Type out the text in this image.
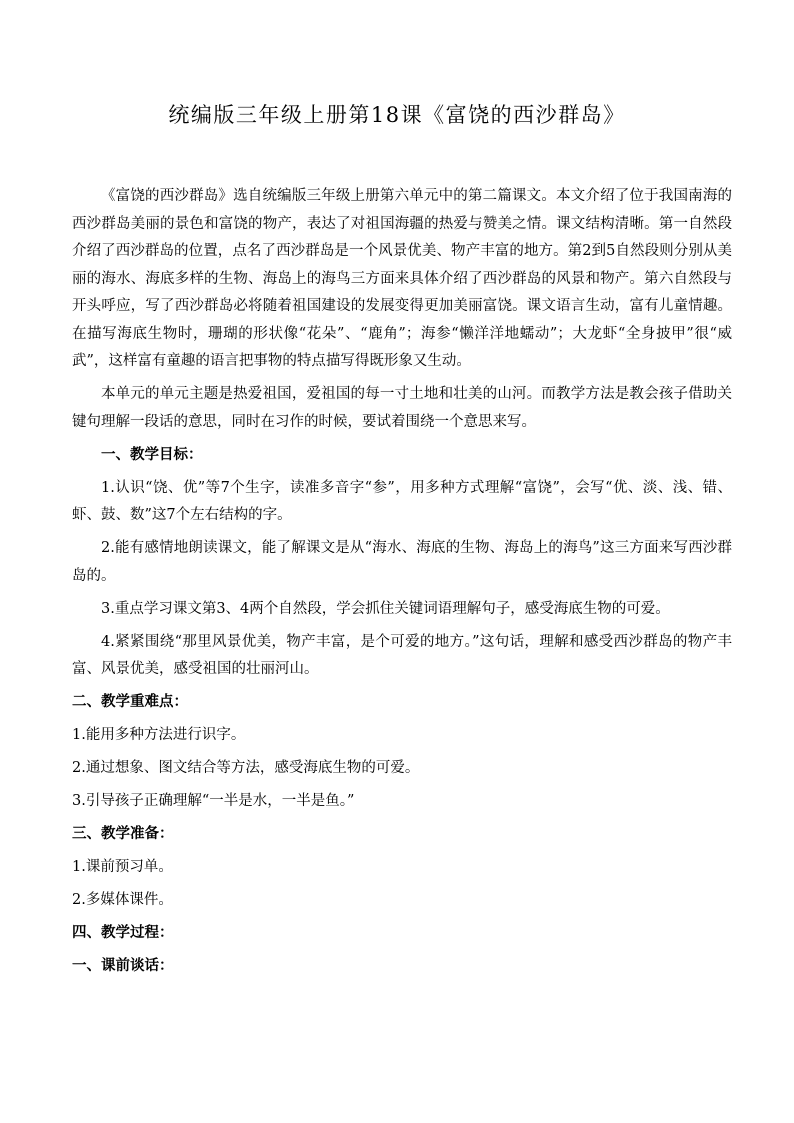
统编版三年级上册第18课《富饶的西沙群岛》

《富饶的西沙群岛》选自统编版三年级上册第六单元中的第二篇课文。本文介绍了位于我国南海的西沙群岛美丽的景色和富饶的物产，表达了对祖国海疆的热爱与赞美之情。课文结构清晰。第一自然段介绍了西沙群岛的位置，点名了西沙群岛是一个风景优美、物产丰富的地方。第2到5自然段则分别从美丽的海水、海底多样的生物、海岛上的海鸟三方面来具体介绍了西沙群岛的风景和物产。第六自然段与开头呼应，写了西沙群岛必将随着祖国建设的发展变得更加美丽富饶。课文语言生动，富有儿童情趣。在描写海底生物时，珊瑚的形状像“花朵”、“鹿角”；海参“懒洋洋地蠕动”；大龙虾“全身披甲”很“威武”，这样富有童趣的语言把事物的特点描写得既形象又生动。

本单元的单元主题是热爱祖国，爱祖国的每一寸土地和壮美的山河。而教学方法是教会孩子借助关键句理解一段话的意思，同时在习作的时候，要试着围绕一个意思来写。

一、教学目标：

1.认识“饶、优”等7个生字，读准多音字“参”，用多种方式理解“富饶”，会写“优、淡、浅、错、虾、鼓、数”这7个左右结构的字。

2.能有感情地朗读课文，能了解课文是从“海水、海底的生物、海岛上的海鸟”这三方面来写西沙群岛的。

3.重点学习课文第3、4两个自然段，学会抓住关键词语理解句子，感受海底生物的可爱。

4.紧紧围绕“那里风景优美，物产丰富，是个可爱的地方。”这句话，理解和感受西沙群岛的物产丰富、风景优美，感受祖国的壮丽河山。

二、教学重难点：

1.能用多种方法进行识字。

2.通过想象、图文结合等方法，感受海底生物的可爱。

3.引导孩子正确理解“一半是水，一半是鱼。”

三、教学准备：

1.课前预习单。

2.多媒体课件。

四、教学过程：

一、课前谈话：
